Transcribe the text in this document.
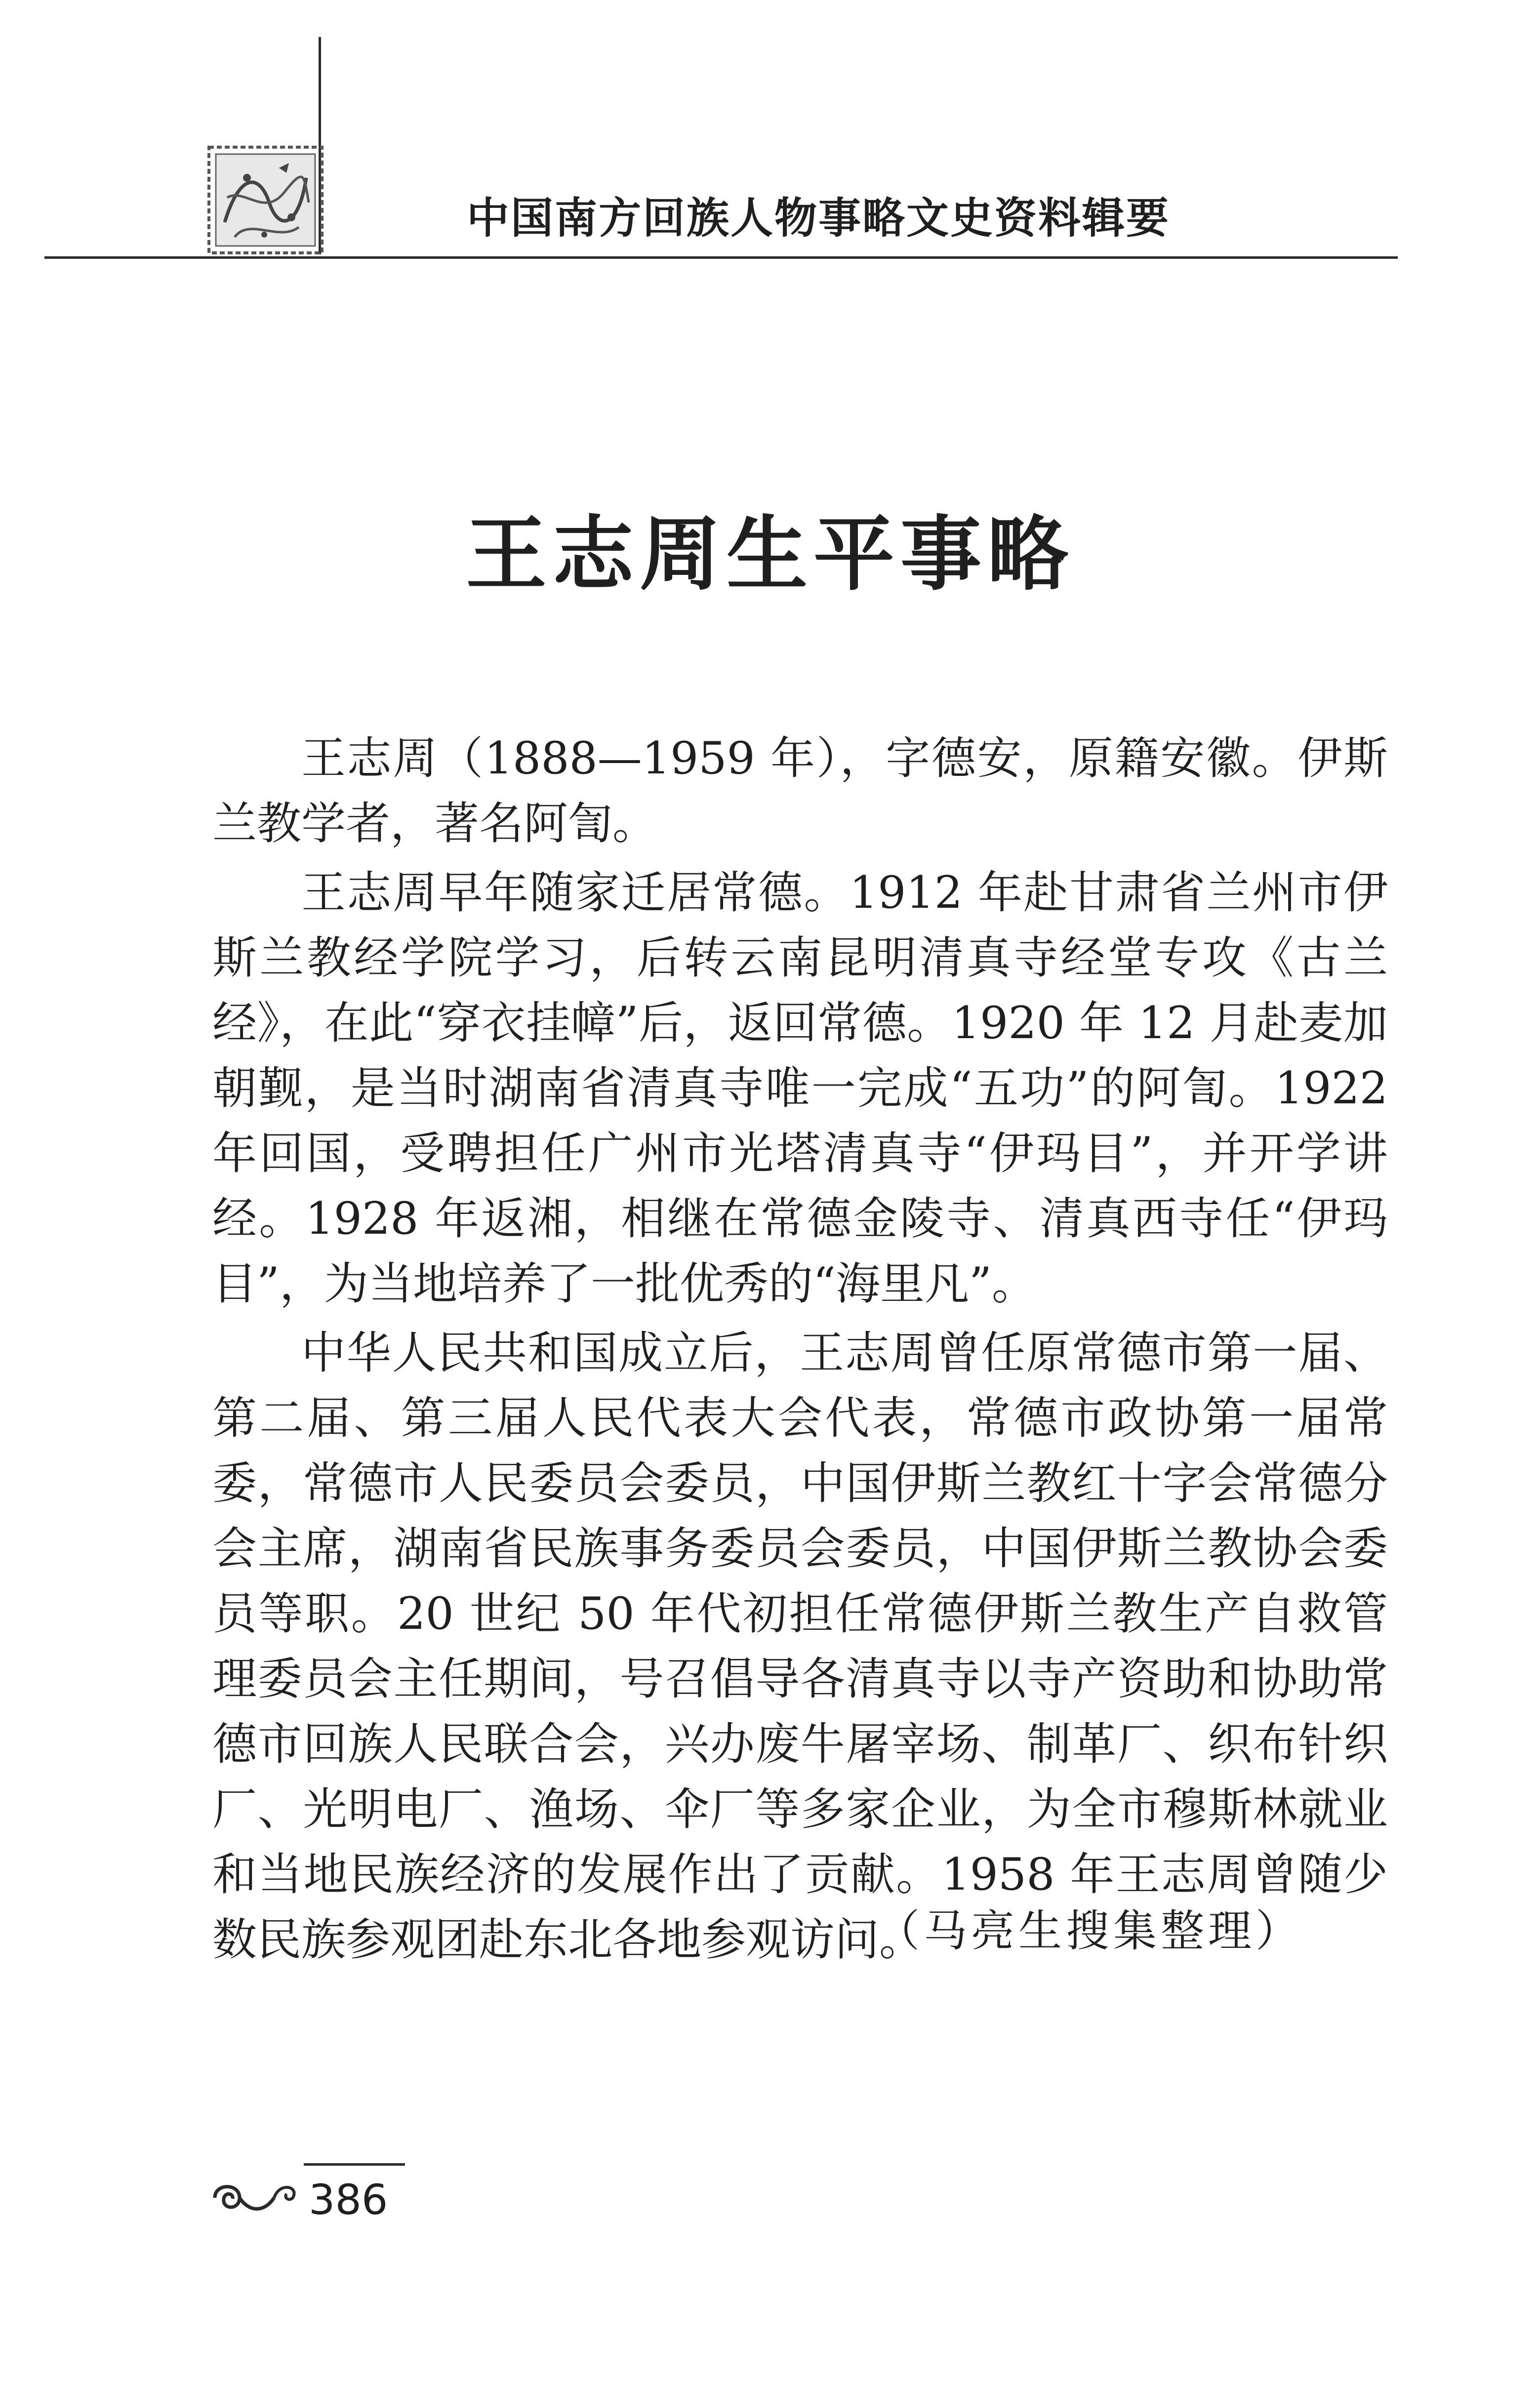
中国南方回族人物事略文史资料辑要
王志周生平事略

王志周（1888—1959 年），字德安，原籍安徽。伊斯兰教学者，著名阿訇。

王志周早年随家迁居常德。1912 年赴甘肃省兰州市伊斯兰教经学院学习，后转云南昆明清真寺经堂专攻《古兰经》，在此“穿衣挂幛”后，返回常德。1920 年 12 月赴麦加朝觐，是当时湖南省清真寺唯一完成“五功”的阿訇。1922 年回国，受聘担任广州市光塔清真寺“伊玛目”，并开学讲经。1928 年返湘，相继在常德金陵寺、清真西寺任“伊玛目”，为当地培养了一批优秀的“海里凡”。

中华人民共和国成立后，王志周曾任原常德市第一届、第二届、第三届人民代表大会代表，常德市政协第一届常委，常德市人民委员会委员，中国伊斯兰教红十字会常德分会主席，湖南省民族事务委员会委员，中国伊斯兰教协会委员等职。20 世纪 50 年代初担任常德伊斯兰教生产自救管理委员会主任期间，号召倡导各清真寺以寺产资助和协助常德市回族人民联合会，兴办废牛屠宰场、制革厂、织布针织厂、光明电厂、渔场、伞厂等多家企业，为全市穆斯林就业和当地民族经济的发展作出了贡献。1958 年王志周曾随少数民族参观团赴东北各地参观访问。

（马亮生搜集整理）
386
